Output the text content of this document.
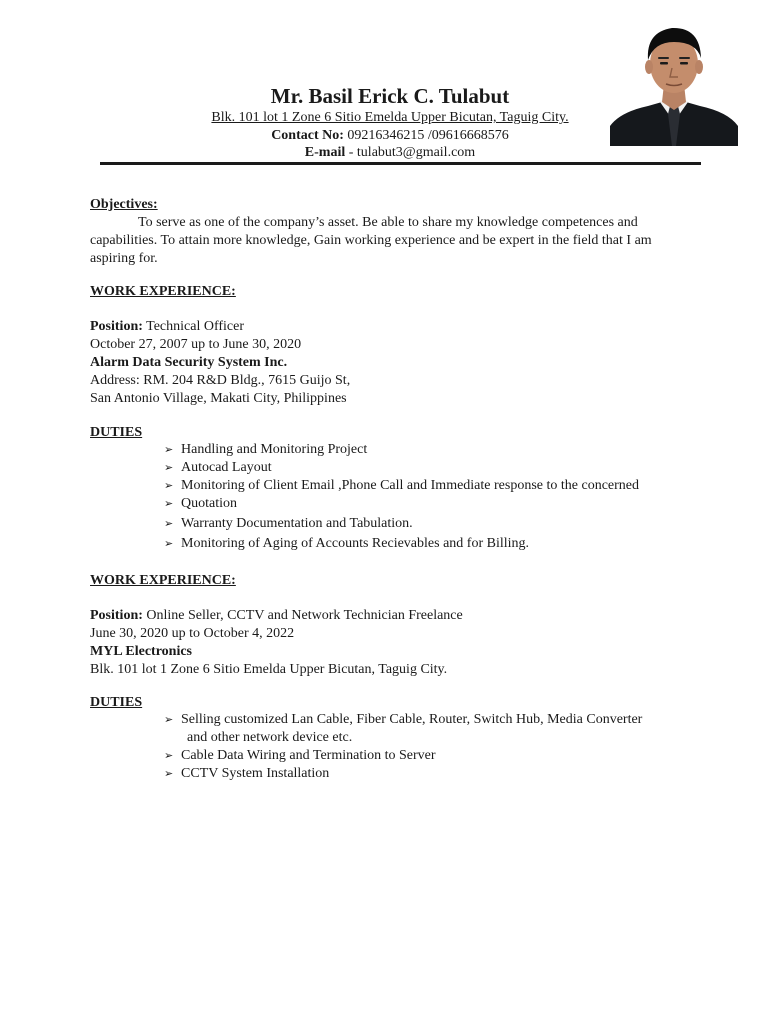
Mr. Basil Erick C. Tulabut
Blk. 101 lot 1 Zone 6 Sitio Emelda Upper Bicutan, Taguig City.
Contact No: 09216346215 /09616668576
E-mail - tulabut3@gmail.com
Objectives:

To serve as one of the company’s asset. Be able to share my knowledge competences and capabilities. To attain more knowledge, Gain working experience and be expert in the field that I am aspiring for.

WORK EXPERIENCE:

Position: Technical Officer

October 27, 2007 up to June 30, 2020

Alarm Data Security System Inc.

Address: RM. 204 R&D Bldg., 7615 Guijo St,

San Antonio Village, Makati City, Philippines

DUTIES
➢ Handling and Monitoring Project
➢ Autocad Layout
➢ Monitoring of Client Email ,Phone Call and Immediate response to the concerned
➢ Quotation
➢ Warranty Documentation and Tabulation.
➢ Monitoring of Aging of Accounts Recievables and for Billing.
WORK EXPERIENCE:

Position: Online Seller, CCTV and Network Technician Freelance

June 30, 2020 up to October 4, 2022

MYL Electronics

Blk. 101 lot 1 Zone 6 Sitio Emelda Upper Bicutan, Taguig City.

DUTIES
➢ Selling customized Lan Cable, Fiber Cable, Router, Switch Hub, Media Converter
and other network device etc.
➢ Cable Data Wiring and Termination to Server
➢ CCTV System Installation
